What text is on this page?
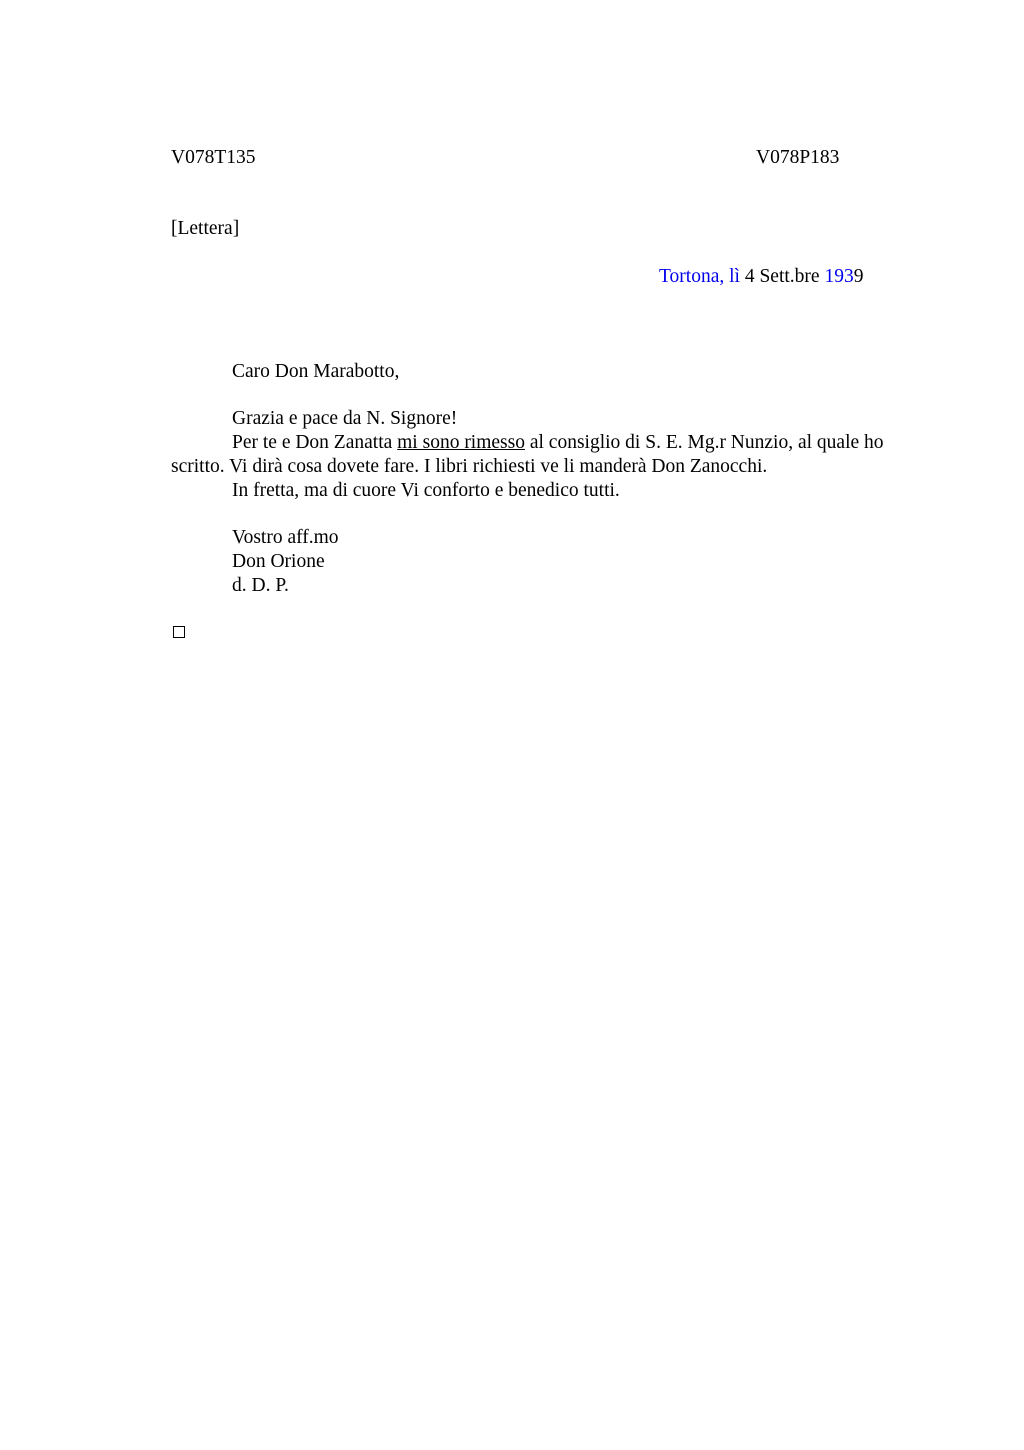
V078T135	V078P183
[Lettera]
Tortona, lì 4 Sett.bre 1939

Caro Don Marabotto,

Grazia e pace da N. Signore!

Per te e Don Zanatta mi sono rimesso al consiglio di S. E. Mg.r Nunzio, al quale ho scritto. Vi dirà cosa dovete fare. I libri richiesti ve li manderà Don Zanocchi.

In fretta, ma di cuore Vi conforto e benedico tutti.

Vostro aff.mo

Don Orione

d. D. P.
